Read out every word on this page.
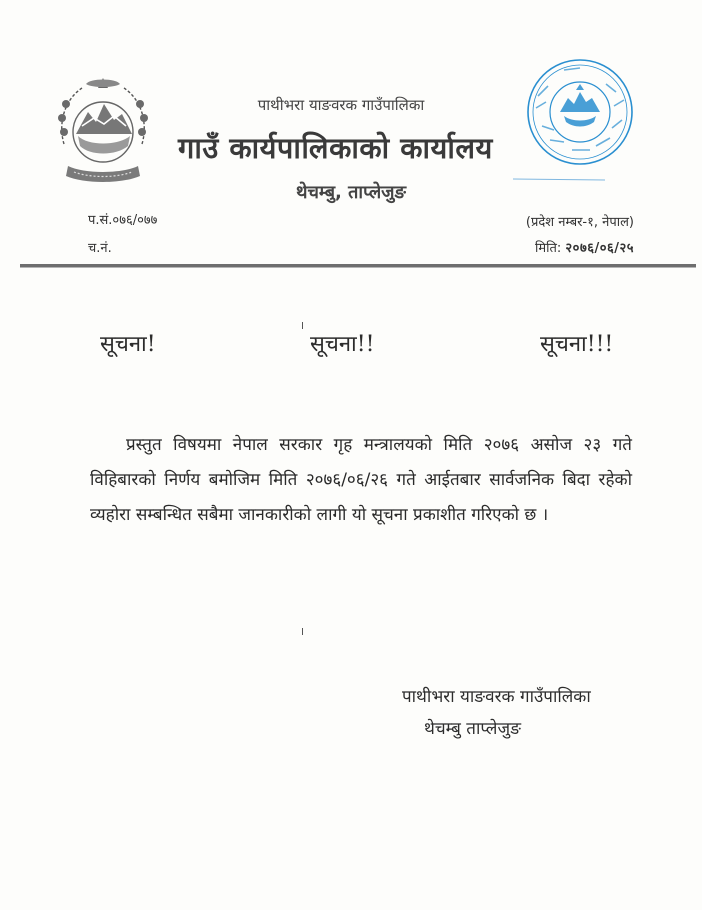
पाथीभरा याङवरक गाउँपालिका
गाउँ कार्यपालिकाको कार्यालय
थेचम्बु, ताप्लेजुङ
प.सं.०७६/०७७
च.नं.
(प्रदेश नम्बर-१, नेपाल)
मिति: २०७६/०६/२५
सूचना!	सूचना!!	सूचना!!!
प्रस्तुत विषयमा नेपाल सरकार गृह मन्त्रालयको मिति २०७६ असोज २३ गते विहिबारको निर्णय बमोजिम मिति २०७६/०६/२६ गते आईतबार सार्वजनिक बिदा रहेको व्यहोरा सम्बन्धित सबैमा जानकारीको लागी यो सूचना प्रकाशीत गरिएको छ ।
पाथीभरा याङवरक गाउँपालिका
थेचम्बु ताप्लेजुङ
